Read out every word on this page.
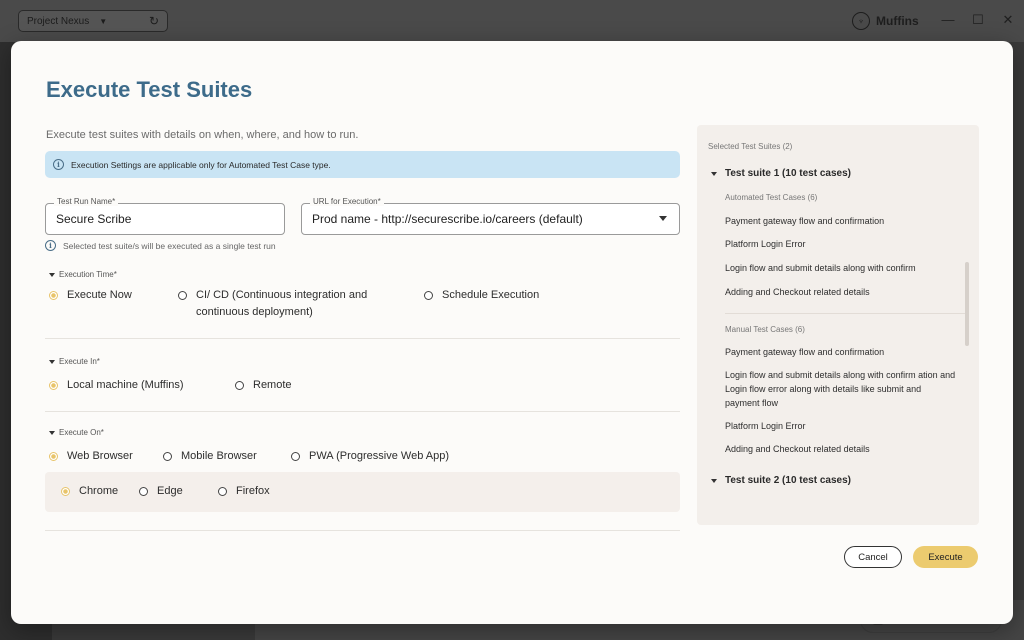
Project Nexus ▼	↻	♆ Muffins — ☐ ✕
Execute Test Suites
Execute test suites with details on when, where, and how to run.
i	Execution Settings are applicable only for Automated Test Case type.
Test Run Name*
Secure Scribe
URL for Execution*
Prod name - http://securescribe.io/careers (default)
i	Selected test suite/s will be executed as a single test run
Execution Time*
Execute Now	CI/ CD (Continuous integration and continuous deployment)
Schedule Execution
Execute In*
Local machine (Muffins)	Remote
Execute On*
Web Browser	Mobile Browser	PWA (Progressive Web App)
Chrome	Edge	Firefox
Selected Test Suites (2)
Test suite 1 (10 test cases)
Automated Test Cases (6)
Payment gateway flow and confirmation
Platform Login Error
Login flow and submit details along with confirm
Adding and Checkout related details
Manual Test Cases (6)
Payment gateway flow and confirmation
Login flow and submit details along with confirm ation and Login flow error along with details like submit and payment flow
Platform Login Error
Adding and Checkout related details
Test suite 2 (10 test cases)
Cancel	Execute
